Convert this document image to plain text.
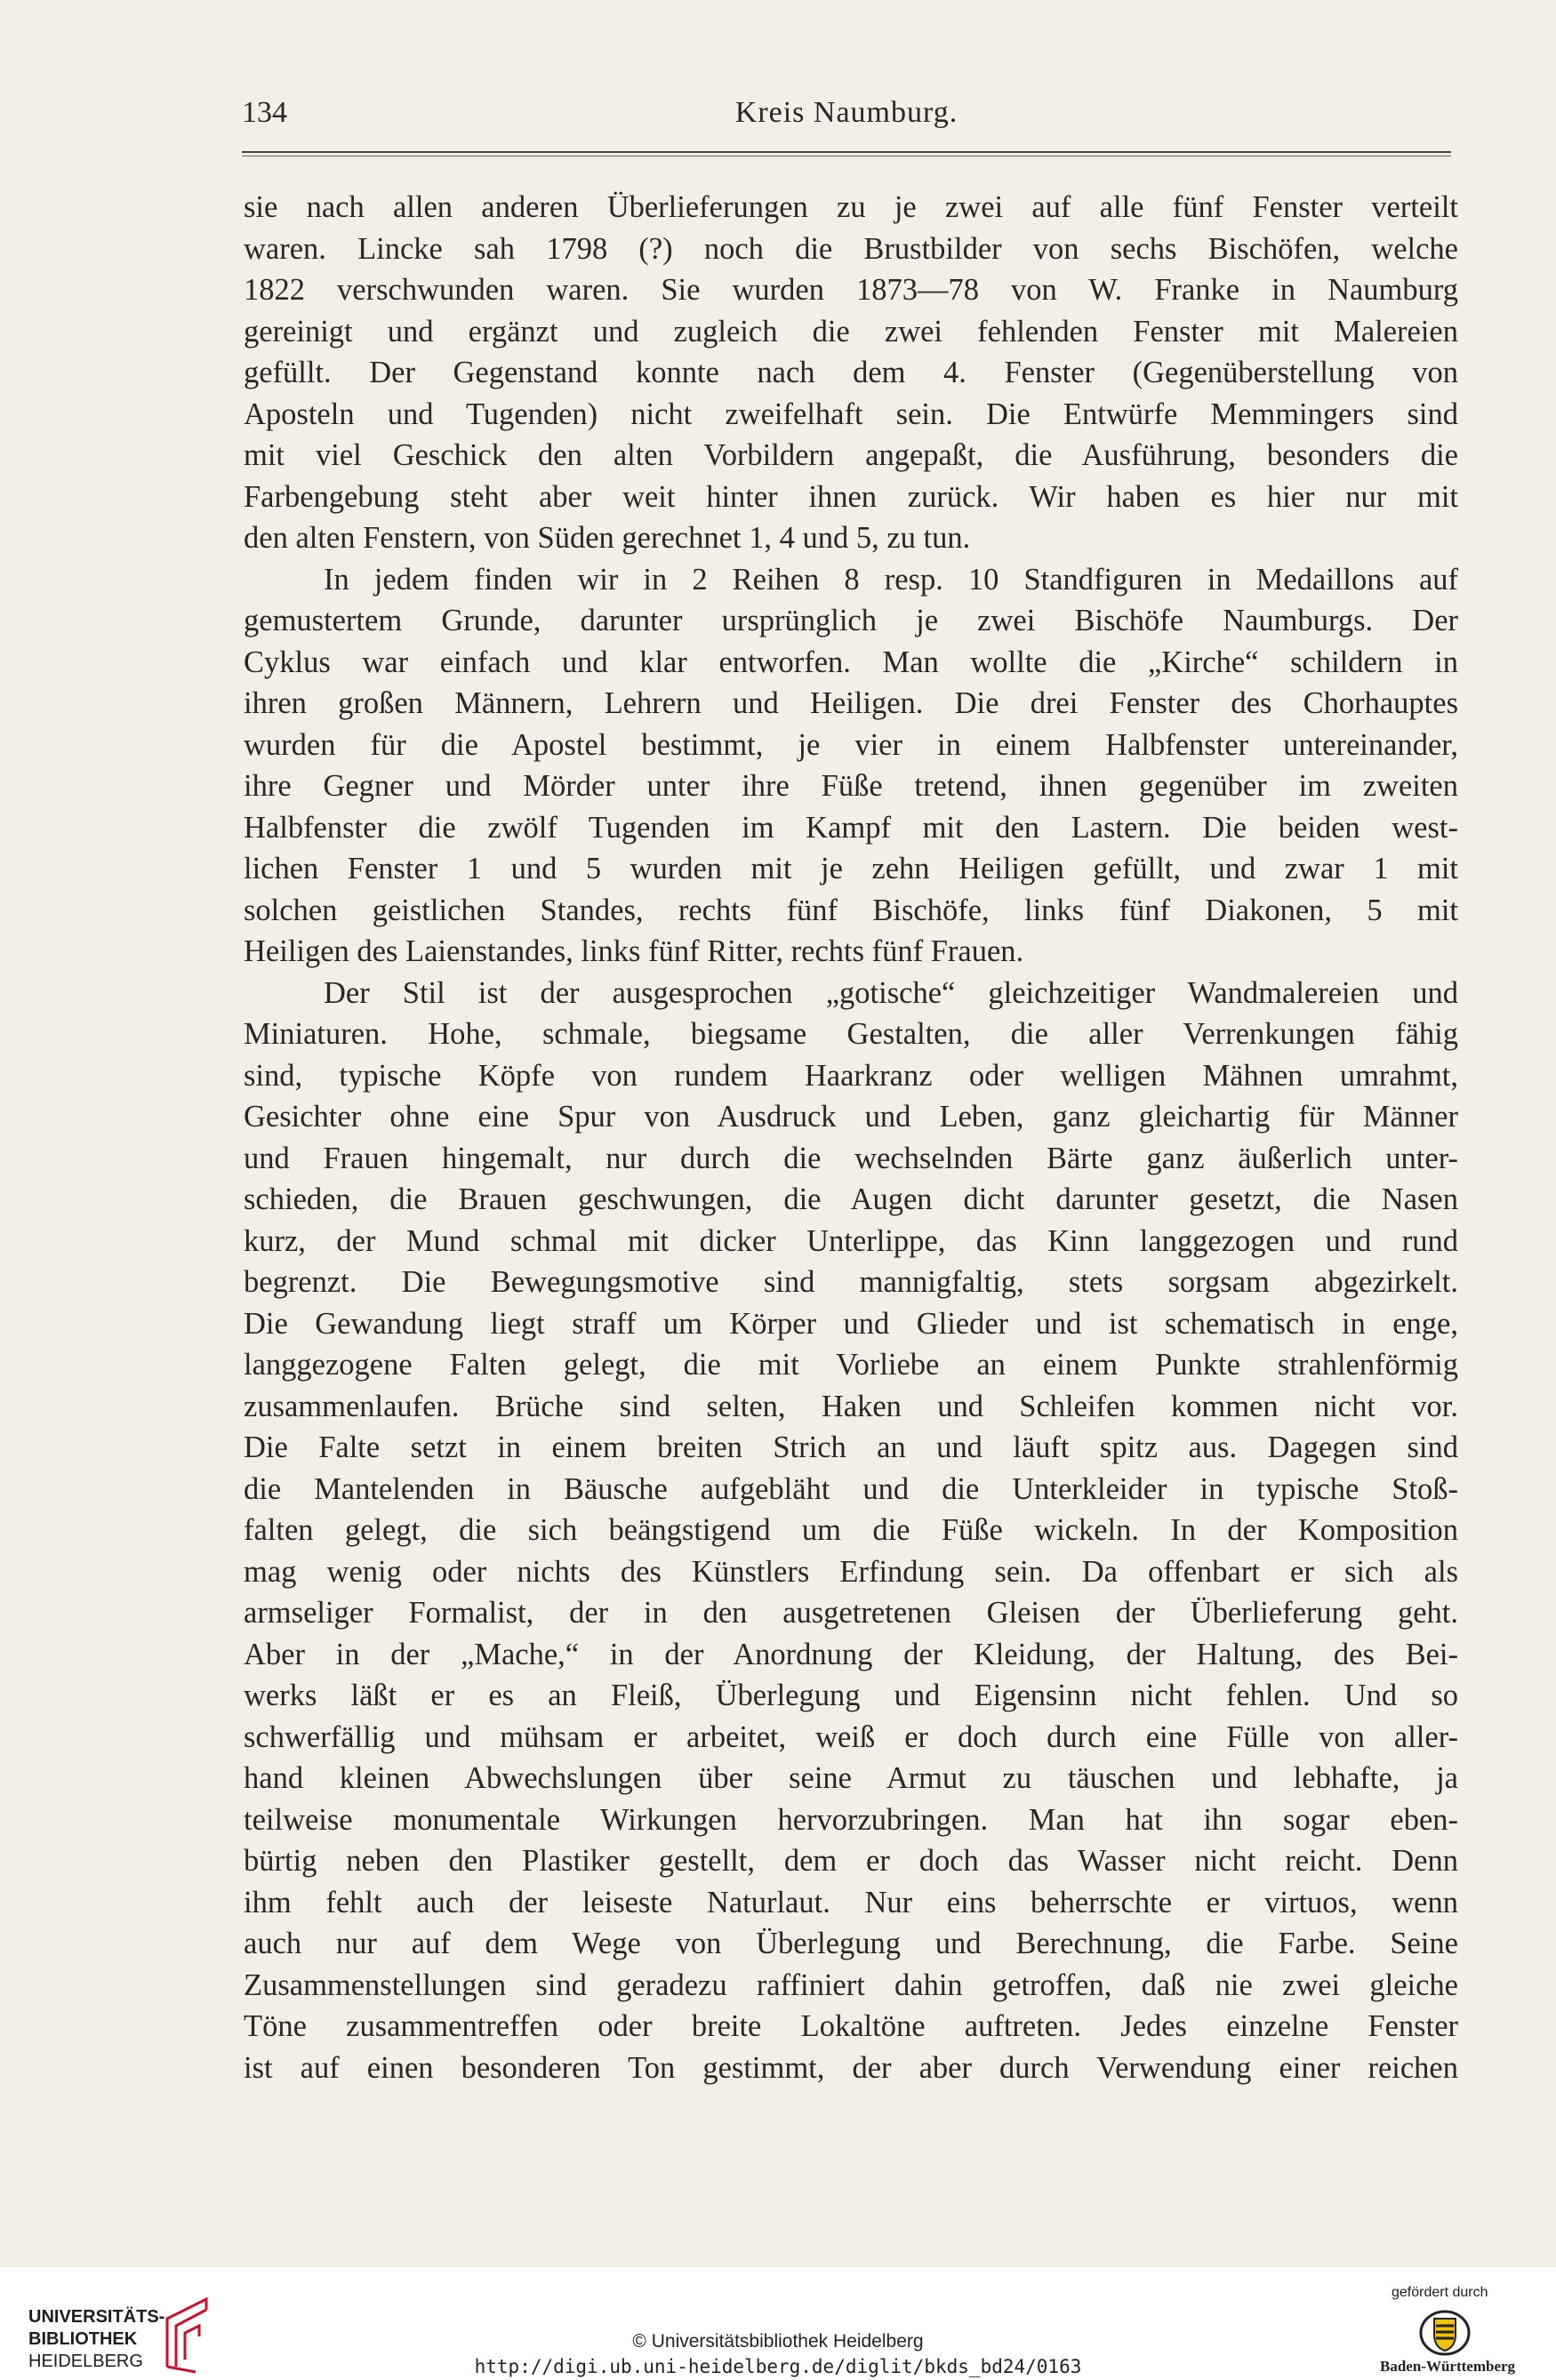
134	Kreis Naumburg.
sie nach allen anderen Überlieferungen zu je zwei auf alle fünf Fenster verteilt
waren. Lincke sah 1798 (?) noch die Brustbilder von sechs Bischöfen, welche
1822 verschwunden waren. Sie wurden 1873—78 von W. Franke in Naumburg
gereinigt und ergänzt und zugleich die zwei fehlenden Fenster mit Malereien
gefüllt. Der Gegenstand konnte nach dem 4. Fenster (Gegenüberstellung von
Aposteln und Tugenden) nicht zweifelhaft sein. Die Entwürfe Memmingers sind
mit viel Geschick den alten Vorbildern angepaßt, die Ausführung, besonders die
Farbengebung steht aber weit hinter ihnen zurück. Wir haben es hier nur mit
den alten Fenstern, von Süden gerechnet 1, 4 und 5, zu tun.
In jedem finden wir in 2 Reihen 8 resp. 10 Standfiguren in Medaillons auf
gemustertem Grunde, darunter ursprünglich je zwei Bischöfe Naumburgs. Der
Cyklus war einfach und klar entworfen. Man wollte die „Kirche“ schildern in
ihren großen Männern, Lehrern und Heiligen. Die drei Fenster des Chorhauptes
wurden für die Apostel bestimmt, je vier in einem Halbfenster untereinander,
ihre Gegner und Mörder unter ihre Füße tretend, ihnen gegenüber im zweiten
Halbfenster die zwölf Tugenden im Kampf mit den Lastern. Die beiden west-
lichen Fenster 1 und 5 wurden mit je zehn Heiligen gefüllt, und zwar 1 mit
solchen geistlichen Standes, rechts fünf Bischöfe, links fünf Diakonen, 5 mit
Heiligen des Laienstandes, links fünf Ritter, rechts fünf Frauen.
Der Stil ist der ausgesprochen „gotische“ gleichzeitiger Wandmalereien und
Miniaturen. Hohe, schmale, biegsame Gestalten, die aller Verrenkungen fähig
sind, typische Köpfe von rundem Haarkranz oder welligen Mähnen umrahmt,
Gesichter ohne eine Spur von Ausdruck und Leben, ganz gleichartig für Männer
und Frauen hingemalt, nur durch die wechselnden Bärte ganz äußerlich unter-
schieden, die Brauen geschwungen, die Augen dicht darunter gesetzt, die Nasen
kurz, der Mund schmal mit dicker Unterlippe, das Kinn langgezogen und rund
begrenzt. Die Bewegungsmotive sind mannigfaltig, stets sorgsam abgezirkelt.
Die Gewandung liegt straff um Körper und Glieder und ist schematisch in enge,
langgezogene Falten gelegt, die mit Vorliebe an einem Punkte strahlenförmig
zusammenlaufen. Brüche sind selten, Haken und Schleifen kommen nicht vor.
Die Falte setzt in einem breiten Strich an und läuft spitz aus. Dagegen sind
die Mantelenden in Bäusche aufgebläht und die Unterkleider in typische Stoß-
falten gelegt, die sich beängstigend um die Füße wickeln. In der Komposition
mag wenig oder nichts des Künstlers Erfindung sein. Da offenbart er sich als
armseliger Formalist, der in den ausgetretenen Gleisen der Überlieferung geht.
Aber in der „Mache,“ in der Anordnung der Kleidung, der Haltung, des Bei-
werks läßt er es an Fleiß, Überlegung und Eigensinn nicht fehlen. Und so
schwerfällig und mühsam er arbeitet, weiß er doch durch eine Fülle von aller-
hand kleinen Abwechslungen über seine Armut zu täuschen und lebhafte, ja
teilweise monumentale Wirkungen hervorzubringen. Man hat ihn sogar eben-
bürtig neben den Plastiker gestellt, dem er doch das Wasser nicht reicht. Denn
ihm fehlt auch der leiseste Naturlaut. Nur eins beherrschte er virtuos, wenn
auch nur auf dem Wege von Überlegung und Berechnung, die Farbe. Seine
Zusammenstellungen sind geradezu raffiniert dahin getroffen, daß nie zwei gleiche
Töne zusammentreffen oder breite Lokaltöne auftreten. Jedes einzelne Fenster
ist auf einen besonderen Ton gestimmt, der aber durch Verwendung einer reichen
UNIVERSITÄTS-
BIBLIOTHEK
HEIDELBERG
© Universitätsbibliothek Heidelberg
http://digi.ub.uni-heidelberg.de/diglit/bkds_bd24/0163
gefördert durch
Baden-Württemberg
